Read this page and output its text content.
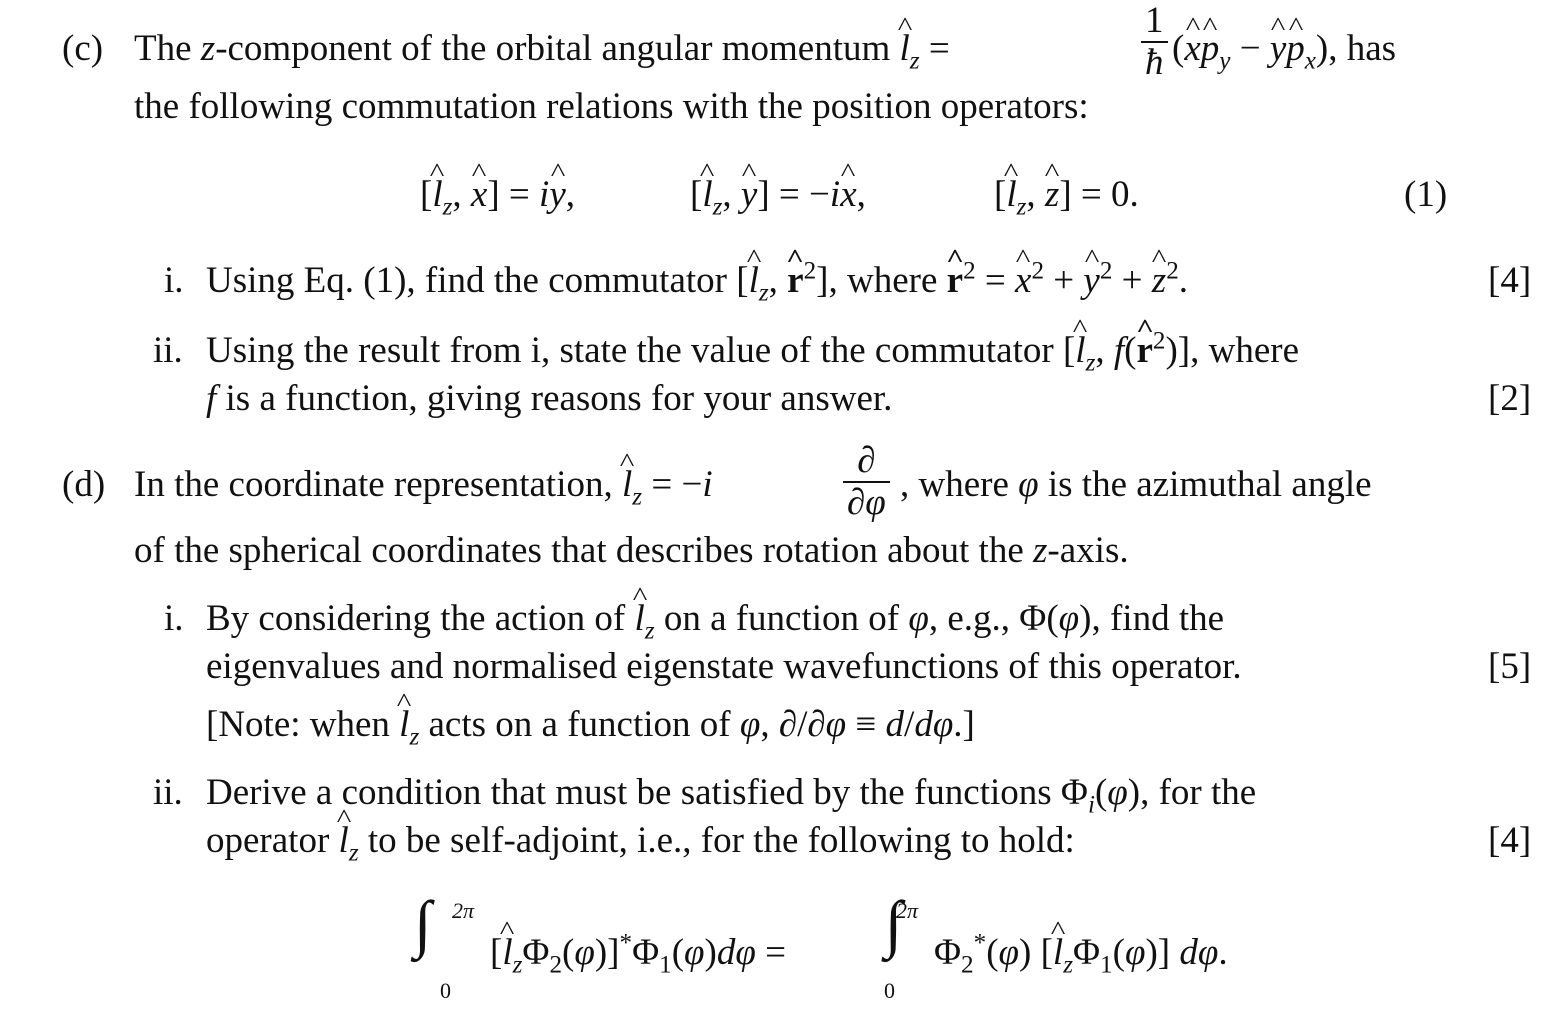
(c) The z-component of the orbital angular momentum l $\^{}_z$ =	$\frac{1}{ħ} (x$ ^p $\^{}_y - y$ ^p $\^{}_x$), has
the following commutation relations with the position operators:
[l $\^{}_z$, x ^] = iy ^,	[l $\^{}_z$, y ^] = −ix ^,	[l $\^{}_z$, z ^] = 0.	(1)
i. Using Eq. (1), find the commutator [l $\^{}_z$, r ^$^2$], where r ^$^2$ = x ^$^2$ + y ^$^2$ + z ^$^2$.	[4]
ii. Using the result from i, state the value of the commutator [l $\^{}_z$, f(r ^$^2$)], where
f is a function, giving reasons for your answer.	[2]
(d) In the coordinate representation, l $\^{}_z = -i$	$\frac{\partial}{\partial\varphi}$ , where φ is the azimuthal angle
of the spherical coordinates that describes rotation about the z-axis.
i. By considering the action of l $\^{}_z$ on a function of φ, e.g., Φ(φ), find the
eigenvalues and normalised eigenstate wavefunctions of this operator.	[5]
[Note: when l $\^{}_z$ acts on a function of φ, ∂/∂φ ≡ d/dφ.]
ii. Derive a condition that must be satisfied by the functions $\Phi_i(\varphi)$, for the
operator l $\^{}_z$ to be self-adjoint, i.e., for the following to hold:	[4]
2π
0
∫ [l $\^{}_z\Phi_2(\varphi)]^*\Phi_1(\varphi)d\varphi$ =
2π
0
∫ $\Phi_2^*(\varphi)$ [l $\^{}_z\Phi_1(\varphi)$] dφ.
